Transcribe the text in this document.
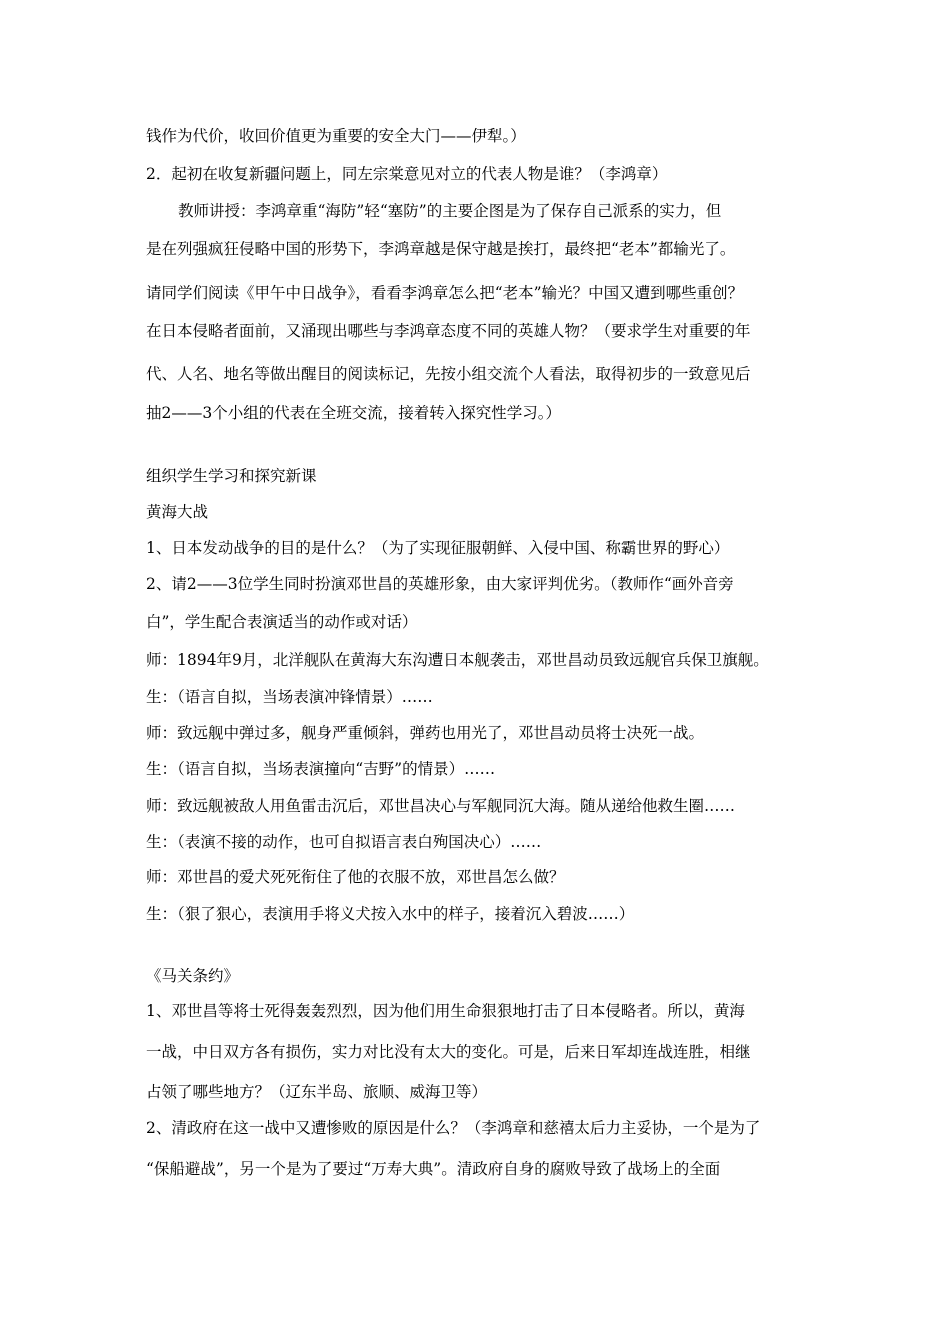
钱作为代价，收回价值更为重要的安全大门——伊犁。）
2．起初在收复新疆问题上，同左宗棠意见对立的代表人物是谁？（李鸿章）
教师讲授：李鸿章重“海防”轻“塞防”的主要企图是为了保存自己派系的实力，但
是在列强疯狂侵略中国的形势下，李鸿章越是保守越是挨打，最终把“老本”都输光了。
请同学们阅读《甲午中日战争》，看看李鸿章怎么把“老本”输光？中国又遭到哪些重创？
在日本侵略者面前，又涌现出哪些与李鸿章态度不同的英雄人物？（要求学生对重要的年
代、人名、地名等做出醒目的阅读标记，先按小组交流个人看法，取得初步的一致意见后
抽2——3个小组的代表在全班交流，接着转入探究性学习。）
组织学生学习和探究新课
黄海大战
1、日本发动战争的目的是什么？（为了实现征服朝鲜、入侵中国、称霸世界的野心）
2、请2——3位学生同时扮演邓世昌的英雄形象，由大家评判优劣。（教师作“画外音旁
白”，学生配合表演适当的动作或对话）
师：1894年9月，北洋舰队在黄海大东沟遭日本舰袭击，邓世昌动员致远舰官兵保卫旗舰。
生：（语言自拟，当场表演冲锋情景）……
师：致远舰中弹过多，舰身严重倾斜，弹药也用光了，邓世昌动员将士决死一战。
生：（语言自拟，当场表演撞向“吉野”的情景）……
师：致远舰被敌人用鱼雷击沉后，邓世昌决心与军舰同沉大海。随从递给他救生圈……
生：（表演不接的动作，也可自拟语言表白殉国决心）……
师：邓世昌的爱犬死死衔住了他的衣服不放，邓世昌怎么做？
生：（狠了狠心，表演用手将义犬按入水中的样子，接着沉入碧波……）
《马关条约》
1、邓世昌等将士死得轰轰烈烈，因为他们用生命狠狠地打击了日本侵略者。所以，黄海
一战，中日双方各有损伤，实力对比没有太大的变化。可是，后来日军却连战连胜，相继
占领了哪些地方？（辽东半岛、旅顺、威海卫等）
2、清政府在这一战中又遭惨败的原因是什么？（李鸿章和慈禧太后力主妥协，一个是为了
“保船避战”，另一个是为了要过“万寿大典”。清政府自身的腐败导致了战场上的全面
